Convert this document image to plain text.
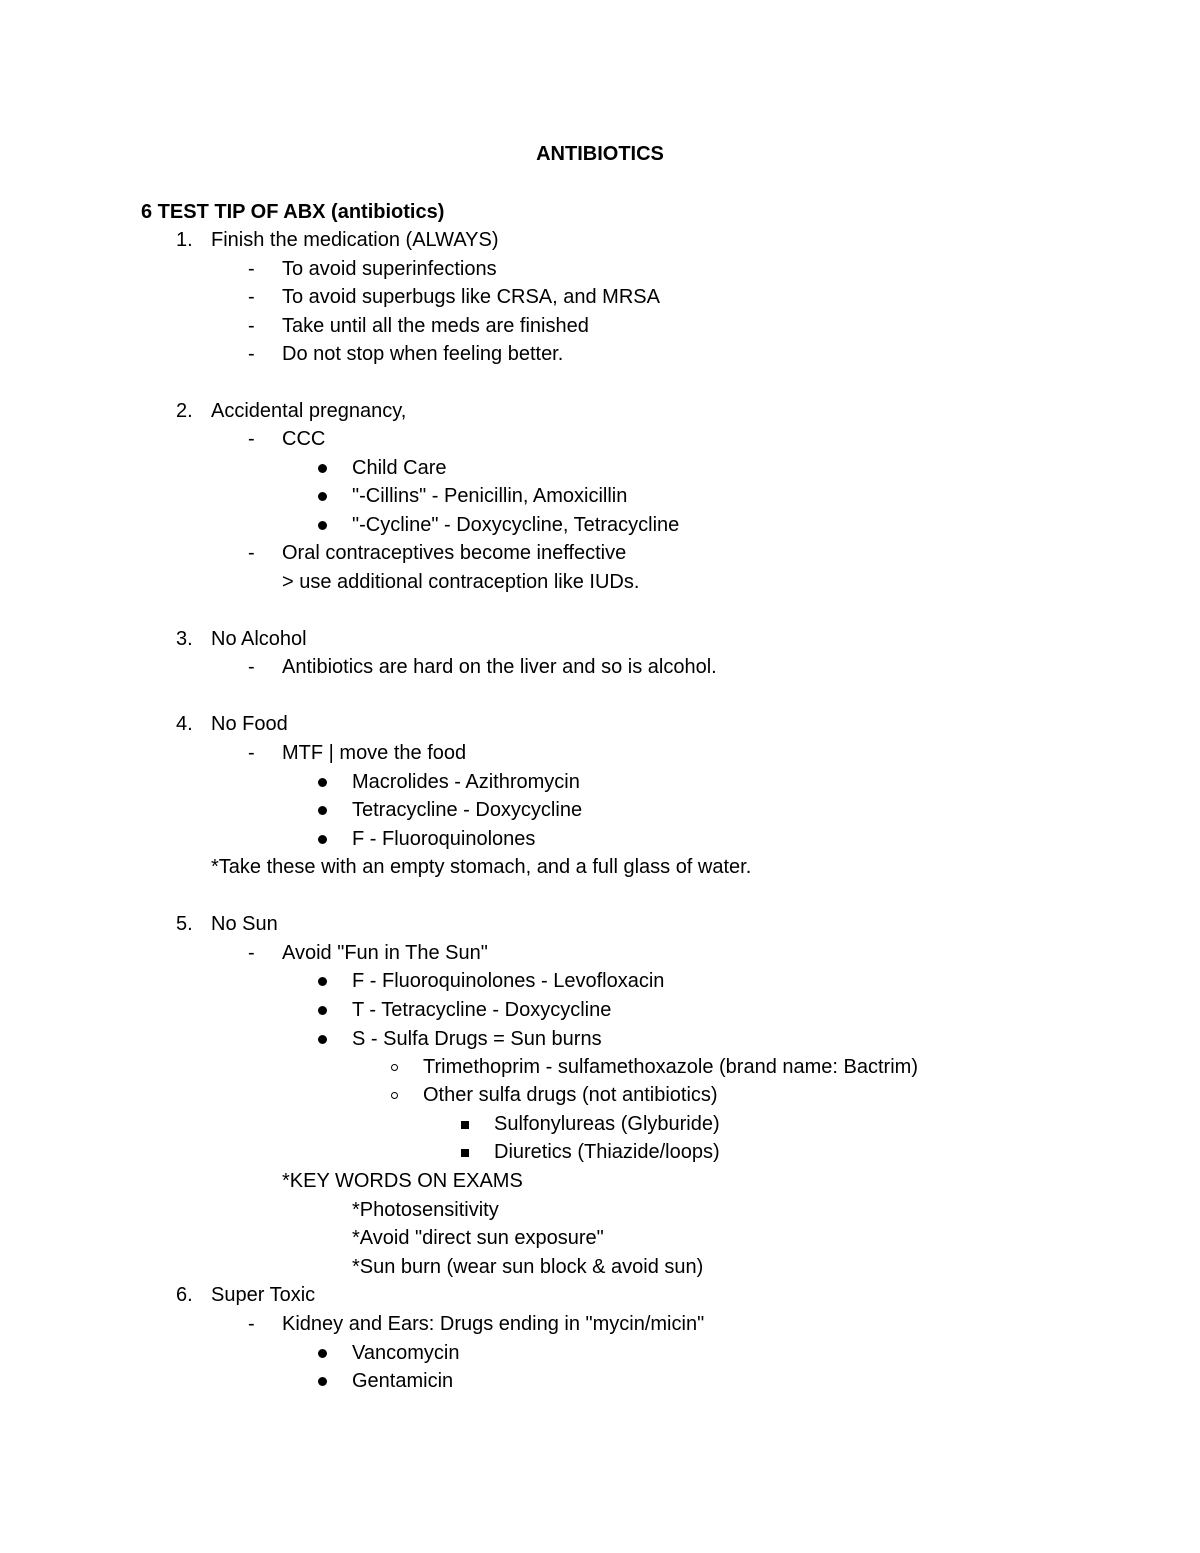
ANTIBIOTICS
6 TEST TIP OF ABX (antibiotics)
1. Finish the medication (ALWAYS)
- To avoid superinfections
- To avoid superbugs like CRSA, and MRSA
- Take until all the meds are finished
- Do not stop when feeling better.
2. Accidental pregnancy,
- CCC
Child Care
"-Cillins" - Penicillin, Amoxicillin
"-Cycline" - Doxycycline, Tetracycline
- Oral contraceptives become ineffective
> use additional contraception like IUDs.
3. No Alcohol
- Antibiotics are hard on the liver and so is alcohol.
4. No Food
- MTF | move the food
Macrolides - Azithromycin
Tetracycline - Doxycycline
F - Fluoroquinolones
*Take these with an empty stomach, and a full glass of water.
5. No Sun
- Avoid "Fun in The Sun"
F - Fluoroquinolones - Levofloxacin
T - Tetracycline - Doxycycline
S - Sulfa Drugs = Sun burns
Trimethoprim - sulfamethoxazole (brand name: Bactrim)
Other sulfa drugs (not antibiotics)
Sulfonylureas (Glyburide)
Diuretics (Thiazide/loops)
*KEY WORDS ON EXAMS
*Photosensitivity
*Avoid "direct sun exposure"
*Sun burn (wear sun block & avoid sun)
6. Super Toxic
- Kidney and Ears: Drugs ending in "mycin/micin"
Vancomycin
Gentamicin
